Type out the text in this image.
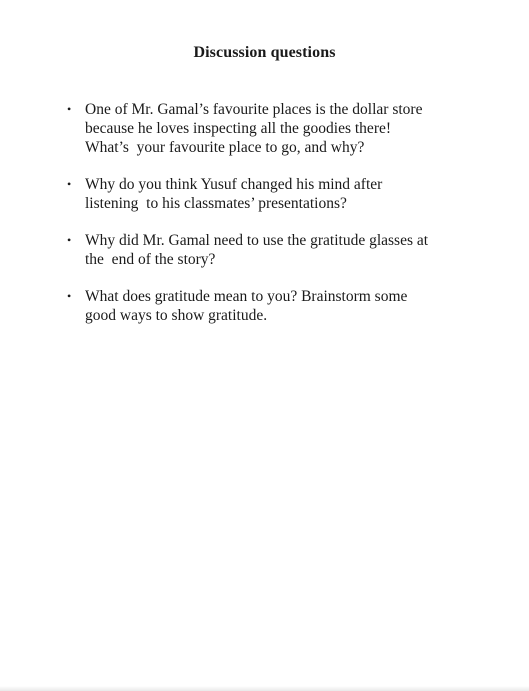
Discussion questions
• One of Mr. Gamal’s favourite places is the dollar store
because he loves inspecting all the goodies there!
What’s  your favourite place to go, and why?
• Why do you think Yusuf changed his mind after
listening  to his classmates’ presentations?
• Why did Mr. Gamal need to use the gratitude glasses at
the  end of the story?
• What does gratitude mean to you? Brainstorm some
good ways to show gratitude.
